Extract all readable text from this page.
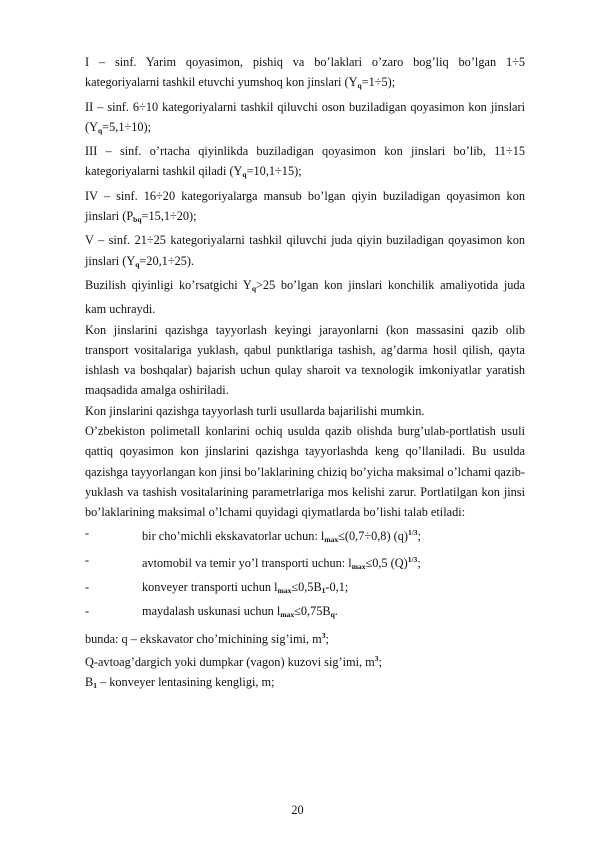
I – sinf. Yarim qoyasimon, pishiq va bo’laklari o’zaro bog’liq bo’lgan 1÷5 kategoriyalarni tashkil etuvchi yumshoq kon jinslari $(Y_q=1\div 5)$;

II – sinf. 6÷10 kategoriyalarni tashkil qiluvchi oson buziladigan qoyasimon kon jinslari $(Y_q=5,1\div 10)$;

III – sinf. o’rtacha qiyinlikda buziladigan qoyasimon kon jinslari bo’lib, 11÷15 kategoriyalarni tashkil qiladi $(Y_q=10,1\div 15)$;

IV – sinf. 16÷20 kategoriyalarga mansub bo’lgan qiyin buziladigan qoyasimon kon jinslari $(P_{bq}=15,1\div 20)$;

V – sinf. 21÷25 kategoriyalarni tashkil qiluvchi juda qiyin buziladigan qoyasimon kon jinslari $(Y_q=20,1\div 25)$.

Buzilish qiyinligi ko’rsatgichi $Y_q>25$ bo’lgan kon jinslari konchilik amaliyotida juda kam uchraydi.

Kon jinslarini qazishga tayyorlash keyingi jarayonlarni (kon massasini qazib olib transport vositalariga yuklash, qabul punktlariga tashish, ag’darma hosil qilish, qayta ishlash va boshqalar) bajarish uchun qulay sharoit va texnologik imkoniyatlar yaratish maqsadida amalga oshiriladi.

Kon jinslarini qazishga tayyorlash turli usullarda bajarilishi mumkin.

O’zbekiston polimetall konlarini ochiq usulda qazib olishda burg’ulab-portlatish usuli qattiq qoyasimon kon jinslarini qazishga tayyorlashda keng qo’llaniladi. Bu usulda qazishga tayyorlangan kon jinsi bo’laklarining chiziq bo’yicha maksimal o’lchami qazib-yuklash va tashish vositalarining parametrlariga mos kelishi zarur. Portlatilgan kon jinsi bo’laklarining maksimal o’lchami quyidagi qiymatlarda bo’lishi talab etiladi:

-	bir cho’michli ekskavatorlar uchun: $l_{max}\le(0,7\div 0,8)$ $(q)^{1/3}$;
-	avtomobil va temir yo’l transporti uchun: $l_{max}\le 0,5$ $(Q)^{1/3}$;
-	konveyer transporti uchun $l_{max}\le 0,5B_1-0,1$;
-	maydalash uskunasi uchun $l_{max}\le 0,75B_q$.

bunda: q – ekskavator cho’michining sig’imi, $m^3$;

Q-avtoag’dargich yoki dumpkar (vagon) kuzovi sig’imi, $m^3$;

$B_1$ – konveyer lentasining kengligi, m;

20
